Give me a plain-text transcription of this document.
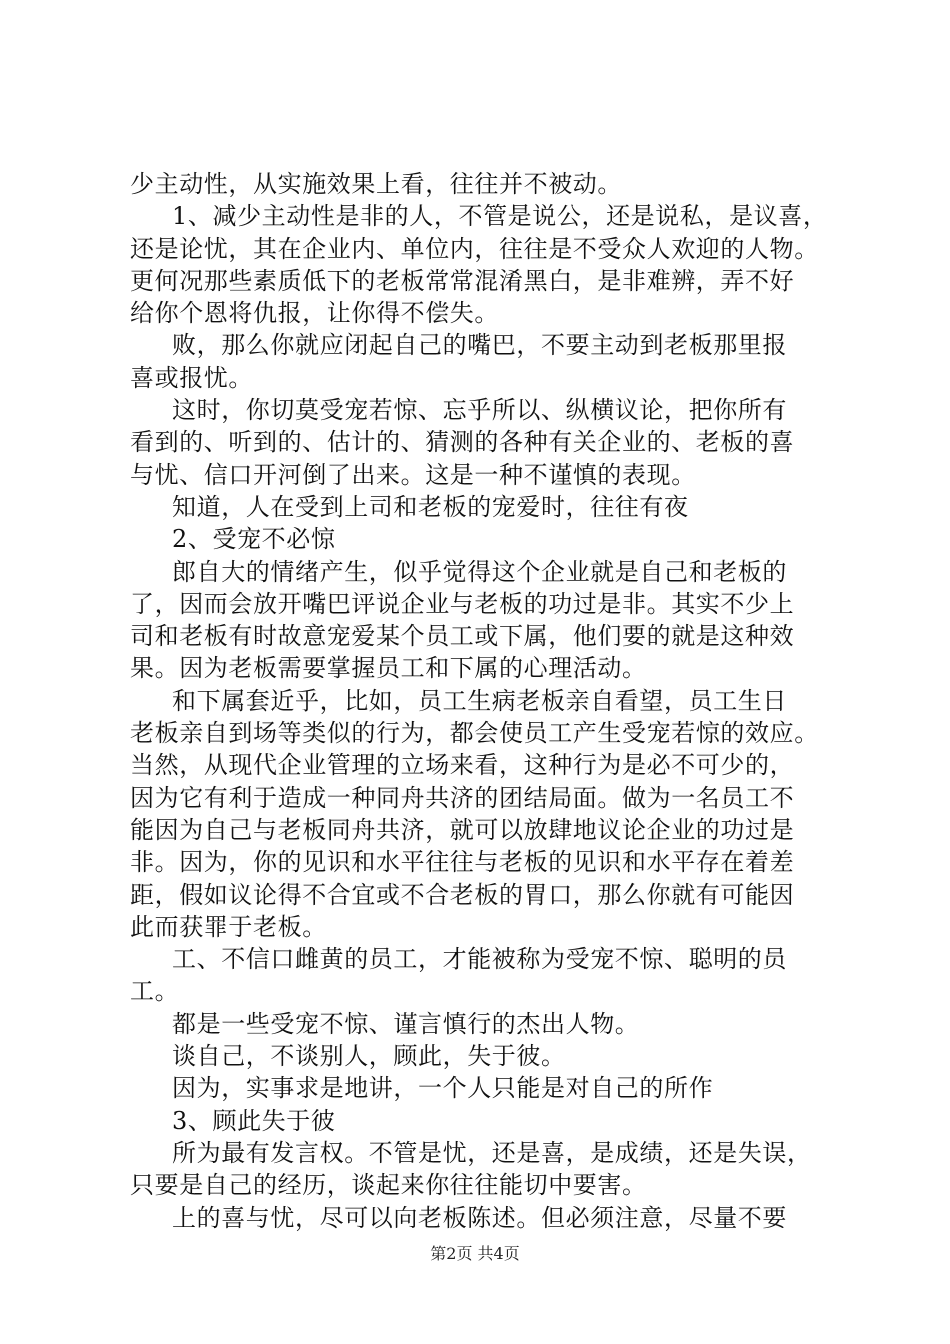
少主动性，从实施效果上看，往往并不被动。
1、减少主动性是非的人，不管是说公，还是说私，是议喜，
还是论忧，其在企业内、单位内，往往是不受众人欢迎的人物。
更何况那些素质低下的老板常常混淆黑白，是非难辨，弄不好
给你个恩将仇报，让你得不偿失。
败，那么你就应闭起自己的嘴巴，不要主动到老板那里报
喜或报忧。
这时，你切莫受宠若惊、忘乎所以、纵横议论，把你所有
看到的、听到的、估计的、猜测的各种有关企业的、老板的喜
与忧、信口开河倒了出来。这是一种不谨慎的表现。
知道，人在受到上司和老板的宠爱时，往往有夜
2、受宠不必惊
郎自大的情绪产生，似乎觉得这个企业就是自己和老板的
了，因而会放开嘴巴评说企业与老板的功过是非。其实不少上
司和老板有时故意宠爱某个员工或下属，他们要的就是这种效
果。因为老板需要掌握员工和下属的心理活动。
和下属套近乎，比如，员工生病老板亲自看望，员工生日
老板亲自到场等类似的行为，都会使员工产生受宠若惊的效应。
当然，从现代企业管理的立场来看，这种行为是必不可少的，
因为它有利于造成一种同舟共济的团结局面。做为一名员工不
能因为自己与老板同舟共济，就可以放肆地议论企业的功过是
非。因为，你的见识和水平往往与老板的见识和水平存在着差
距，假如议论得不合宜或不合老板的胃口，那么你就有可能因
此而获罪于老板。
工、不信口雌黄的员工，才能被称为受宠不惊、聪明的员
工。
都是一些受宠不惊、谨言慎行的杰出人物。
谈自己，不谈别人，顾此，失于彼。
因为，实事求是地讲，一个人只能是对自己的所作
3、顾此失于彼
所为最有发言权。不管是忧，还是喜，是成绩，还是失误，
只要是自己的经历，谈起来你往往能切中要害。
上的喜与忧，尽可以向老板陈述。但必须注意，尽量不要
第2页 共4页
